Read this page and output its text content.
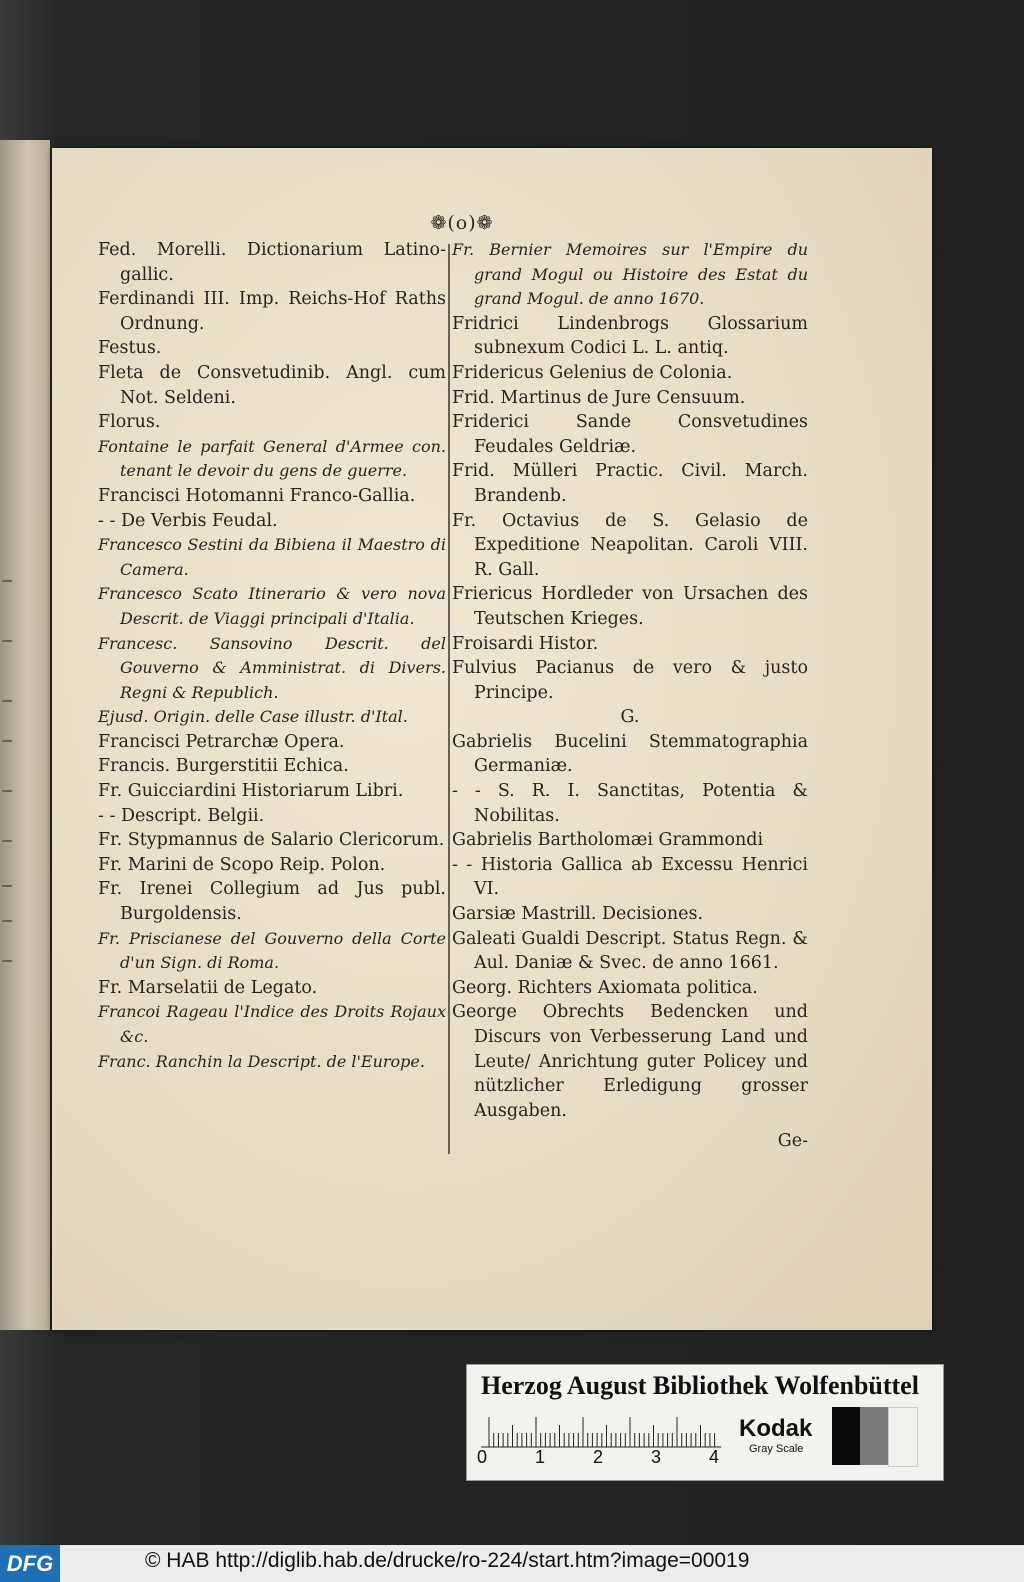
❁(o)❁
Fed. Morelli. Dictionarium Latino-gallic.
Ferdinandi III. Imp. Reichs-Hof Raths Ordnung.
Festus.
Fleta de Consvetudinib. Angl. cum Not. Seldeni.
Florus.
Fontaine le parfait General d'Armee con. tenant le devoir du gens de guerre.
Francisci Hotomanni Franco-Gallia.
- - De Verbis Feudal.
Francesco Sestini da Bibiena il Maestro di Camera.
Francesco Scato Itinerario & vero nova Descrit. de Viaggi principali d'Italia.
Francesc. Sansovino Descrit. del Gouverno & Amministrat. di Divers. Regni & Republich.
Ejusd. Origin. delle Case illustr. d'Ital.
Francisci Petrarchæ Opera.
Francis. Burgerstitii Echica.
Fr. Guicciardini Historiarum Libri.
- - Descript. Belgii.
Fr. Stypmannus de Salario Clericorum.
Fr. Marini de Scopo Reip. Polon.
Fr. Irenei Collegium ad Jus publ. Burgoldensis.
Fr. Priscianese del Gouverno della Corte d'un Sign. di Roma.
Fr. Marselatii de Legato.
Francoi Rageau l'Indice des Droits Rojaux &c.
Franc. Ranchin la Descript. de l'Europe.
Fr. Bernier Memoires sur l'Empire du grand Mogul ou Histoire des Estat du grand Mogul. de anno 1670.
Fridrici Lindenbrogs Glossarium subnexum Codici L. L. antiq.
Fridericus Gelenius de Colonia.
Frid. Martinus de Jure Censuum.
Friderici Sande Consvetudines Feudales Geldriæ.
Frid. Mülleri Practic. Civil. March. Brandenb.
Fr. Octavius de S. Gelasio de Expeditione Neapolitan. Caroli VIII. R. Gall.
Friericus Hordleder von Ursachen des Teutschen Krieges.
Froisardi Histor.
Fulvius Pacianus de vero & justo Principe.
G.
Gabrielis Bucelini Stemmatographia Germaniæ.
- - S. R. I. Sanctitas, Potentia & Nobilitas.
Gabrielis Bartholomæi Grammondi
- - Historia Gallica ab Excessu Henrici VI.
Garsiæ Mastrill. Decisiones.
Galeati Gualdi Descript. Status Regn. & Aul. Daniæ & Svec. de anno 1661.
Georg. Richters Axiomata politica.
George Obrechts Bedencken und Discurs von Verbesserung Land und Leute/ Anrichtung guter Policey und nützlicher Erledigung grosser Ausgaben.
Ge-
Herzog August Bibliothek Wolfenbüttel
0	1	2	3	4
Kodak
Gray Scale
DFG	© HAB http://diglib.hab.de/drucke/ro-224/start.htm?image=00019
